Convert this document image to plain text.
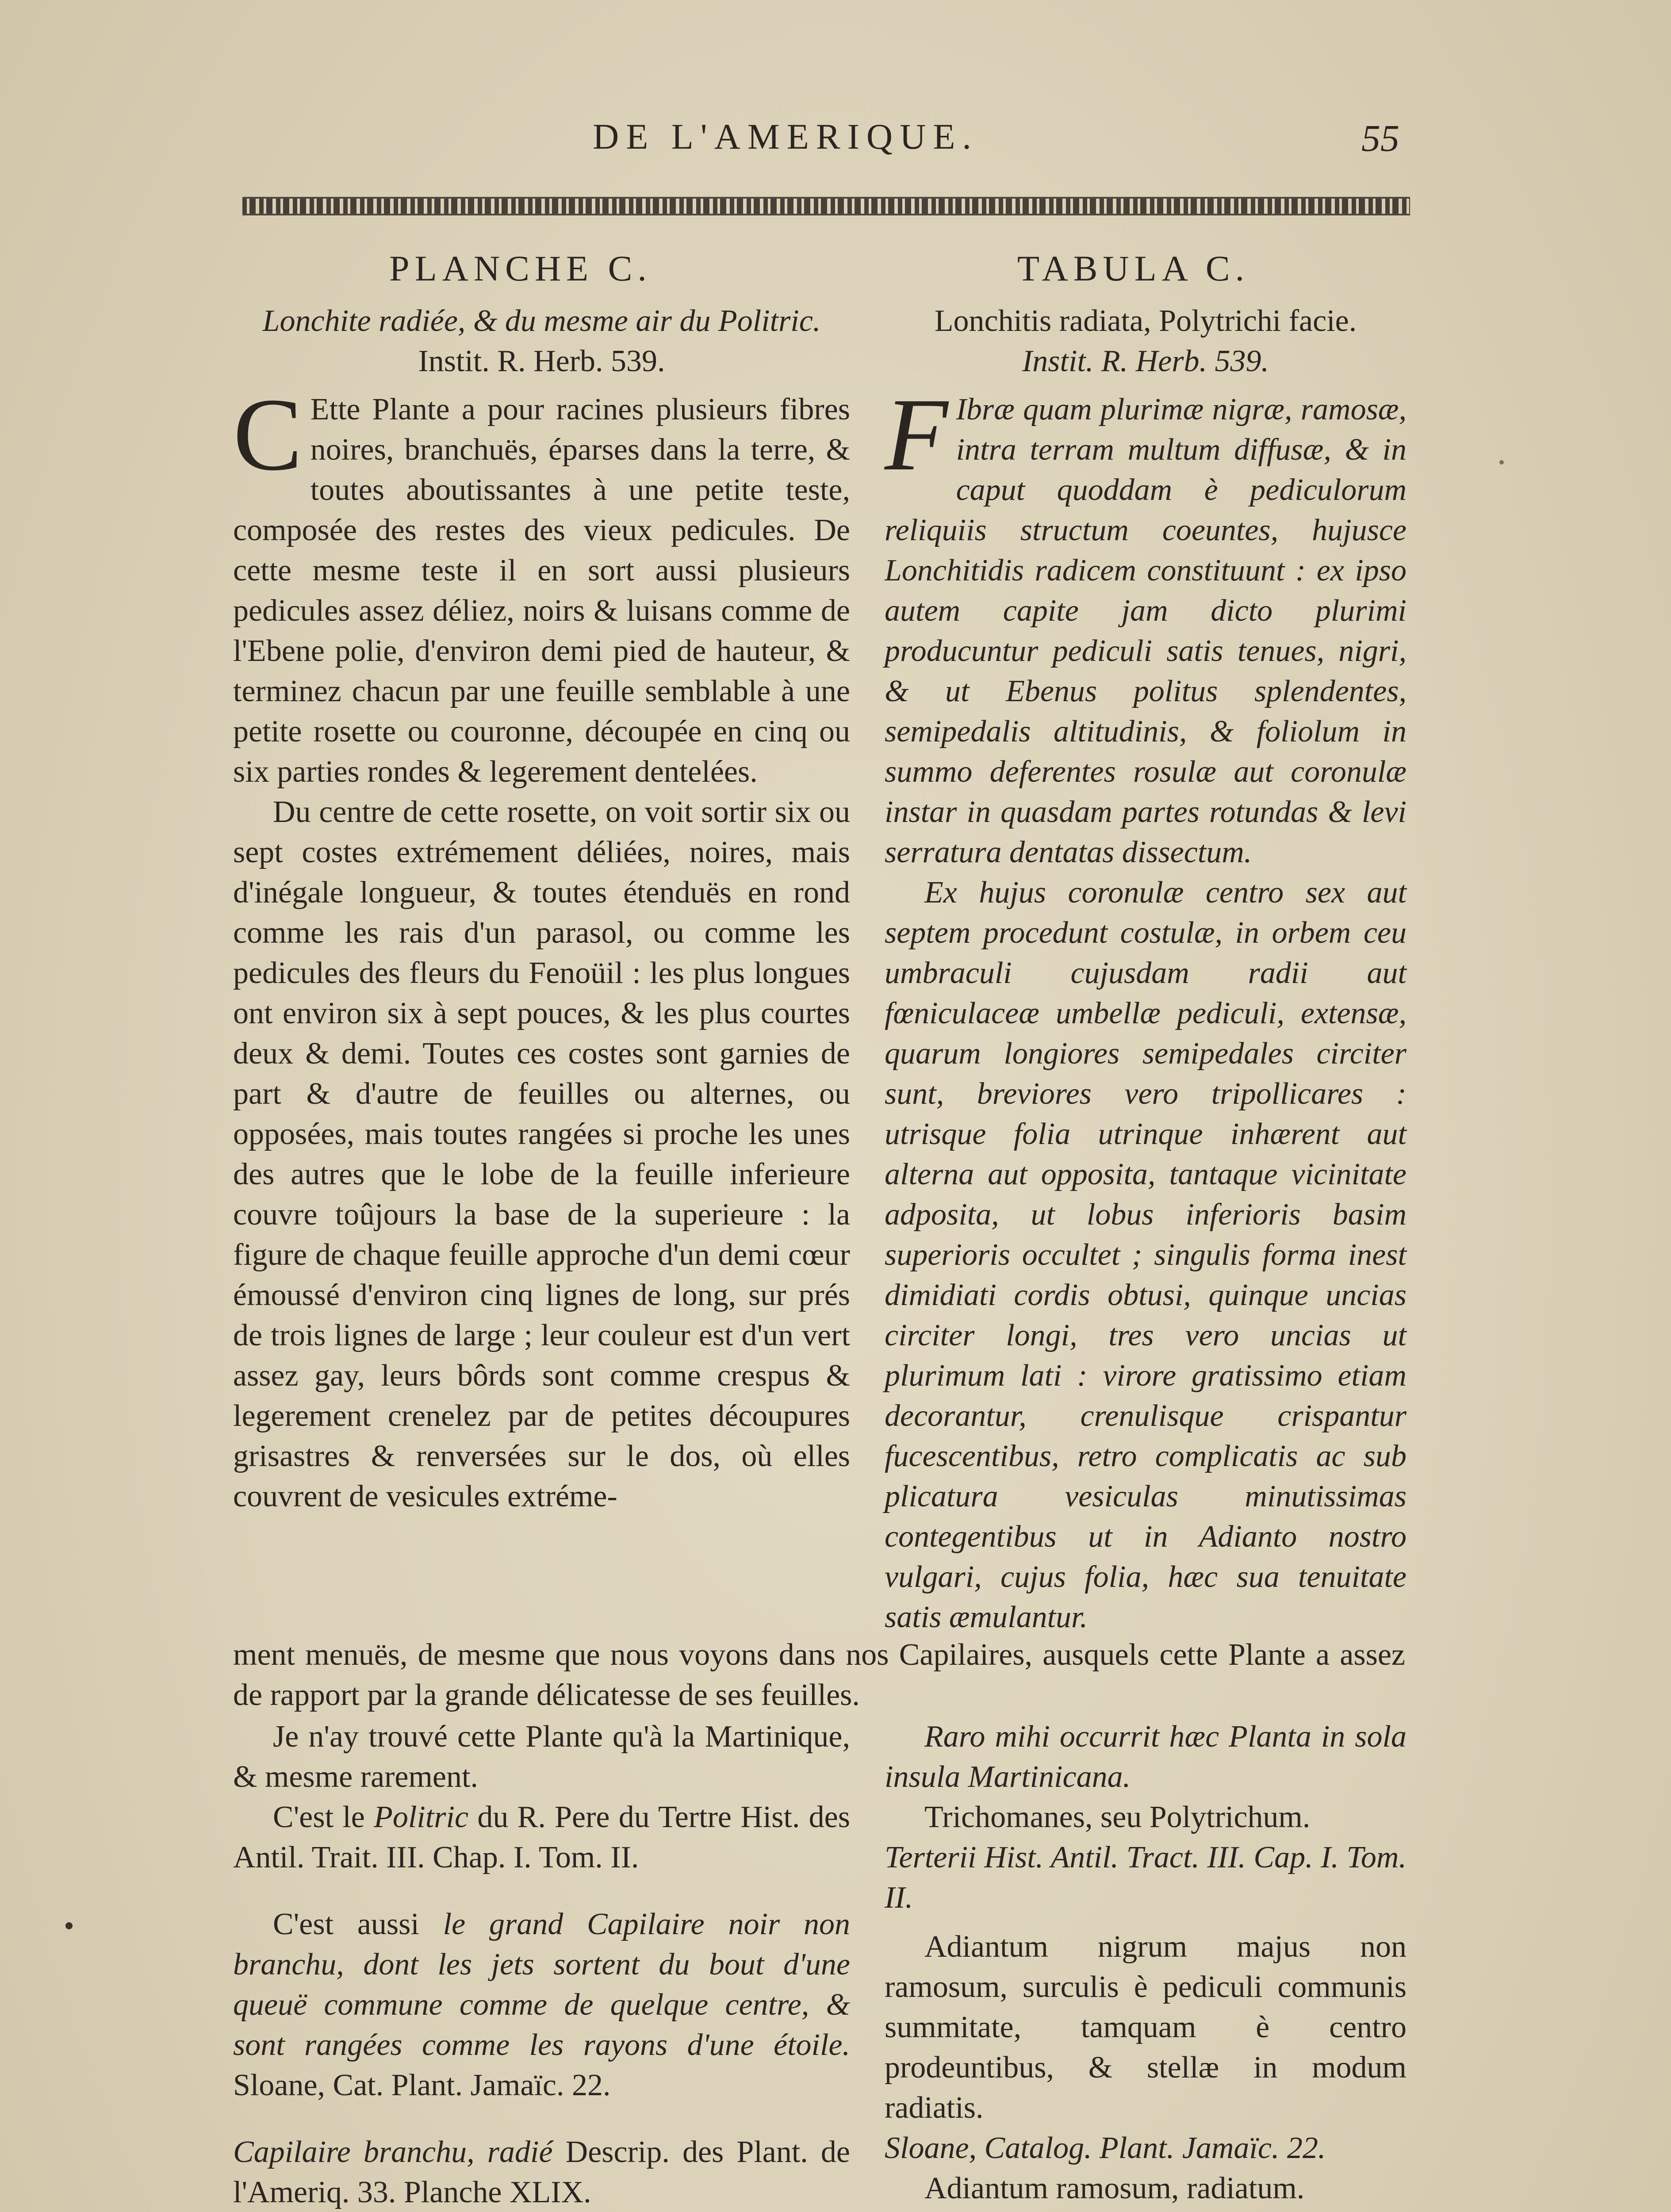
DE L'AMERIQUE.	55
PLANCHE C.
Lonchite radiée, & du mesme air du Politric.
Instit. R. Herb. 539.
C Ette Plante a pour racines plusieurs fibres noires, branchuës, éparses dans la terre, & toutes aboutissantes à une petite teste, composée des restes des vieux pedicules. De cette mesme teste il en sort aussi plusieurs pedicules assez déliez, noirs & luisans comme de l'Ebene polie, d'environ demi pied de hauteur, & terminez chacun par une feuille semblable à une petite rosette ou couronne, découpée en cinq ou six parties rondes & legerement dentelées.
Du centre de cette rosette, on voit sortir six ou sept costes extrémement déliées, noires, mais d'inégale longueur, & toutes étenduës en rond comme les rais d'un parasol, ou comme les pedicules des fleurs du Fenoüil : les plus longues ont environ six à sept pouces, & les plus courtes deux & demi. Toutes ces costes sont garnies de part & d'autre de feuilles ou alternes, ou opposées, mais toutes rangées si proche les unes des autres que le lobe de la feuille inferieure couvre toûjours la base de la superieure : la figure de chaque feuille approche d'un demi cœur émoussé d'environ cinq lignes de long, sur prés de trois lignes de large ; leur couleur est d'un vert assez gay, leurs bôrds sont comme crespus & legerement crenelez par de petites découpures grisastres & renversées sur le dos, où elles couvrent de vesicules extréme-
TABULA C.
Lonchitis radiata, Polytrichi facie.
Instit. R. Herb. 539.
F Ibræ quam plurimæ nigræ, ramosæ, intra terram multum diffusæ, & in caput quoddam è pediculorum reliquiis structum coeuntes, hujusce Lonchitidis radicem constituunt : ex ipso autem capite jam dicto plurimi producuntur pediculi satis tenues, nigri, & ut Ebenus politus splendentes, semipedalis altitudinis, & foliolum in summo deferentes rosulæ aut coronulæ instar in quasdam partes rotundas & levi serratura dentatas dissectum.
Ex hujus coronulæ centro sex aut septem procedunt costulæ, in orbem ceu umbraculi cujusdam radii aut fœniculaceæ umbellæ pediculi, extensæ, quarum longiores semipedales circiter sunt, breviores vero tripollicares : utrisque folia utrinque inhærent aut alterna aut opposita, tantaque vicinitate adposita, ut lobus inferioris basim superioris occultet ; singulis forma inest dimidiati cordis obtusi, quinque uncias circiter longi, tres vero uncias ut plurimum lati : virore gratissimo etiam decorantur, crenulisque crispantur fucescentibus, retro complicatis ac sub plicatura vesiculas minutissimas contegentibus ut in Adianto nostro vulgari, cujus folia, hæc sua tenuitate satis æmulantur.
ment menuës, de mesme que nous voyons dans nos Capilaires, ausquels cette Plante a assez de rapport par la grande délicatesse de ses feuilles.
Je n'ay trouvé cette Plante qu'à la Martinique, & mesme rarement.
C'est le Politric du R. Pere du Tertre Hist. des Antil. Trait. III. Chap. I. Tom. II.
C'est aussi le grand Capilaire noir non branchu, dont les jets sortent du bout d'une queuë commune comme de quelque centre, & sont rangées comme les rayons d'une étoile. Sloane, Cat. Plant. Jamaïc. 22.
Capilaire branchu, radié Descrip. des Plant. de l'Ameriq. 33. Planche XLIX.
Raro mihi occurrit hæc Planta in sola insula Martinicana.
Trichomanes, seu Polytrichum.
Terterii Hist. Antil. Tract. III. Cap. I. Tom. II.
Adiantum nigrum majus non ramosum, surculis è pediculi communis summitate, tamquam è centro prodeuntibus, & stellæ in modum radiatis.
Sloane, Catalog. Plant. Jamaïc. 22.
Adiantum ramosum, radiatum.
